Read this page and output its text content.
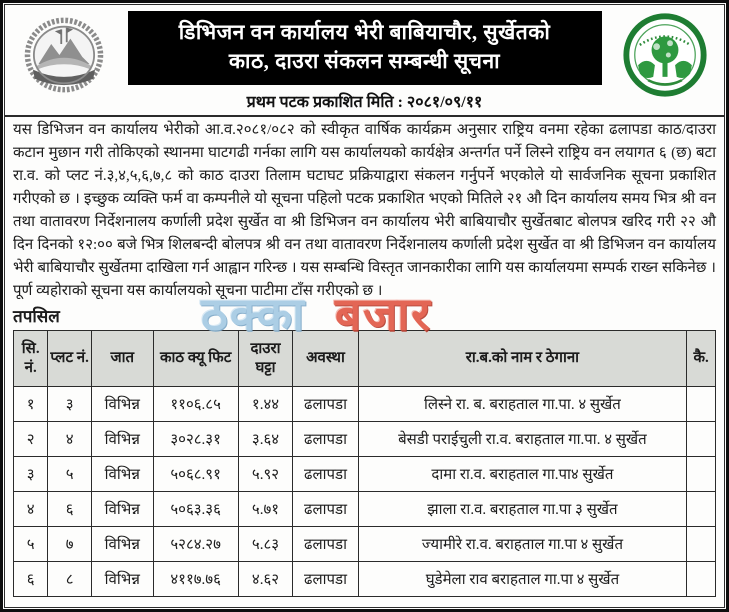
डिभिजन वन कार्यालय भेरी बाबियाचौर, सुर्खेतको
काठ, दाउरा संकलन सम्बन्धी सूचना
प्रथम पटक प्रकाशित मिति : २०८१/०९/११
यस डिभिजन वन कार्यालय भेरीको आ.व.२०८१/०८२ को स्वीकृत वार्षिक कार्यक्रम अनुसार राष्ट्रिय वनमा रहेका ढलापडा काठ/दाउरा कटान मुछान गरी तोकिएको स्थानमा घाटगढी गर्नका लागि यस कार्यालयको कार्यक्षेत्र अन्तर्गत पर्ने लिस्ने राष्ट्रिय वन लयागत ६ (छ) बटा रा.व. को प्लट नं.३,४,५,६,७,८ को काठ दाउरा तिलाम घटाघट प्रक्रियाद्वारा संकलन गर्नुपर्ने भएकोले यो सार्वजनिक सूचना प्रकाशित गरीएको छ । इच्छुक व्यक्ति फर्म वा कम्पनीले यो सूचना पहिलो पटक प्रकाशित भएको मितिले २१ औ दिन कार्यालय समय भित्र श्री वन तथा वातावरण निर्देशनालय कर्णाली प्रदेश सुर्खेत वा श्री डिभिजन वन कार्यालय भेरी बाबियाचौर सुर्खेतबाट बोलपत्र खरिद गरी २२ औ दिन दिनको १२:०० बजे भित्र शिलबन्दी बोलपत्र श्री वन तथा वातावरण निर्देशनालय कर्णाली प्रदेश सुर्खेत वा श्री डिभिजन वन कार्यालय भेरी बाबियाचौर सुर्खेतमा दाखिला गर्न आह्वान गरिन्छ । यस सम्बन्धि विस्तृत जानकारीका लागि यस कार्यालयमा सम्पर्क राख्न सकिनेछ । पूर्ण व्यहोराको सूचना यस कार्यालयको सूचना पाटीमा टाँस गरीएको छ ।
तपसिल
सि. नं.	प्लट नं.	जात	काठ क्यू फिट	दाउरा घट्टा	अवस्था	रा.ब.को नाम र ठेगाना	कै.
१	३	विभिन्न	११०६.८५	१.४४	ढलापडा	लिस्ने रा. ब. बराहताल गा.पा. ४ सुर्खेत	
२	४	विभिन्न	३०२८.३१	३.६४	ढलापडा	बेसडी पराईचुली रा.व. बराहताल गा.पा. ४ सुर्खेत	
३	५	विभिन्न	५०६८.९१	५.९२	ढलापडा	दामा रा.व. बराहताल गा.पा४ सुर्खेत	
४	६	विभिन्न	५०६३.३६	५.७१	ढलापडा	झाला रा.व. बराहताल गा.पा ३ सुर्खेत	
५	७	विभिन्न	५२८४.२७	५.८३	ढलापडा	ज्यामीरे रा.व. बराहताल गा.पा ४ सुर्खेत	
६	८	विभिन्न	४११७.७६	४.६२	ढलापडा	घुडेमेला राव बराहताल गा.पा ४ सुर्खेत	
ठक्का बजार
